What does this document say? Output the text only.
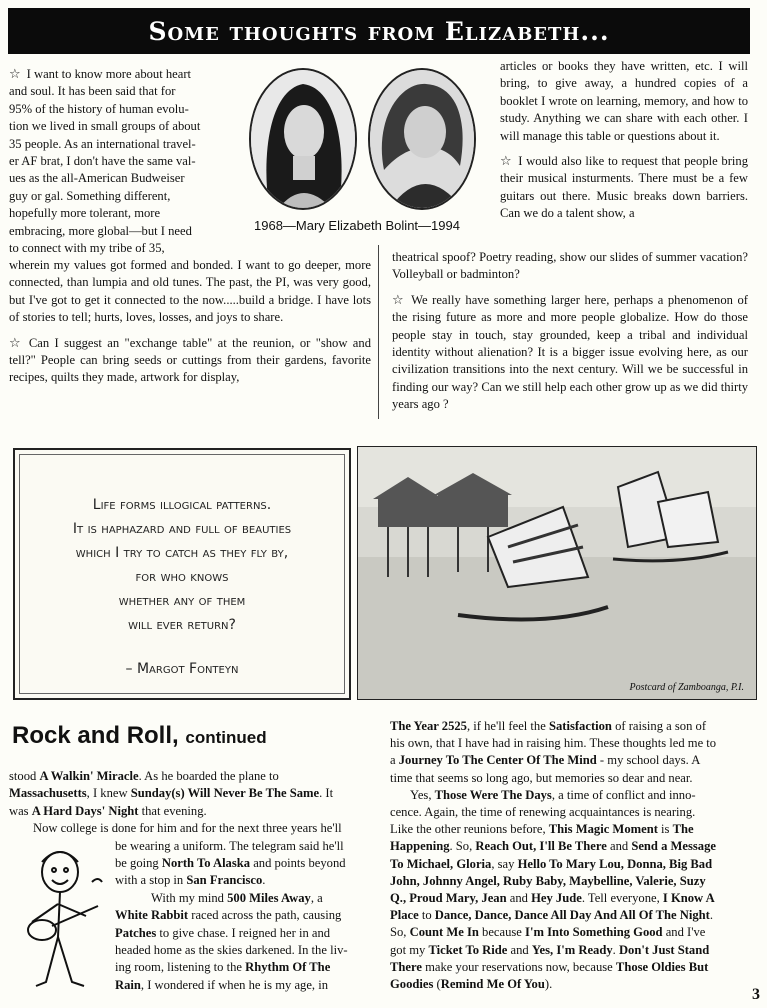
Some thoughts from Elizabeth...
1968—Mary Elizabeth Bolint—1994
☆ I want to know more about heart
and soul. It has been said that for
95% of the history of human evolu-
tion we lived in small groups of about
35 people. As an international travel-
er AF brat, I don't have the same val-
ues as the all-American Budweiser
guy or gal. Something different,
hopefully more tolerant, more
embracing, more global—but I need
to connect with my tribe of 35,

wherein my values got formed and bonded. I want to go deeper, more connected, than lumpia and old tunes. The past, the PI, was very good, but I've got to get it connected to the now.....build a bridge. I have lots of stories to tell; hurts, loves, losses, and joys to share.

☆ Can I suggest an "exchange table" at the reunion, or "show and tell?" People can bring seeds or cuttings from their gardens, favorite recipes, quilts they made, artwork for display,

articles or books they have written, etc. I will bring, to give away, a hundred copies of a booklet I wrote on learning, memory, and how to study. Anything we can share with each other. I will manage this table or questions about it.

☆ I would also like to request that people bring their musical insturments. There must be a few guitars out there. Music breaks down barriers. Can we do a talent show, a

theatrical spoof? Poetry reading, show our slides of summer vacation? Volleyball or badminton?

☆ We really have something larger here, perhaps a phenomenon of the rising future as more and more people globalize. How do those people stay in touch, stay grounded, keep a tribal and individual identity without alienation? It is a bigger issue evolving here, as our civilization transitions into the next century. Will we be successful in finding our way? Can we still help each other grow up as we did thirty years ago ?

Life forms illogical patterns.
It is haphazard and full of beauties
which I try to catch as they fly by,
for who knows
whether any of them
will ever return?
– Margot Fonteyn
Postcard of Zamboanga, P.I.
Rock and Roll, continued
stood A Walkin' Miracle. As he boarded the plane to
Massachusetts, I knew Sunday(s) Will Never Be The Same. It
was A Hard Days' Night that evening.
Now college is done for him and for the next three years he'll
be wearing a uniform. The telegram said he'll
be going North To Alaska and points beyond
with a stop in San Francisco.
With my mind 500 Miles Away, a
White Rabbit raced across the path, causing
Patches to give chase. I reigned her in and
headed home as the skies darkened. In the liv-
ing room, listening to the Rhythm Of The
Rain, I wondered if when he is my age, in
The Year 2525, if he'll feel the Satisfaction of raising a son of
his own, that I have had in raising him. These thoughts led me to
a Journey To The Center Of The Mind - my school days. A
time that seems so long ago, but memories so dear and near.
Yes, Those Were The Days, a time of conflict and inno-
cence. Again, the time of renewing acquaintances is nearing.
Like the other reunions before, This Magic Moment is The
Happening. So, Reach Out, I'll Be There and Send a Message
To Michael, Gloria, say Hello To Mary Lou, Donna, Big Bad
John, Johnny Angel, Ruby Baby, Maybelline, Valerie, Suzy
Q., Proud Mary, Jean and Hey Jude. Tell everyone, I Know A
Place to Dance, Dance, Dance All Day And All Of The Night.
So, Count Me In because I'm Into Something Good and I've
got my Ticket To Ride and Yes, I'm Ready. Don't Just Stand
There make your reservations now, because Those Oldies But
Goodies (Remind Me Of You).
3
